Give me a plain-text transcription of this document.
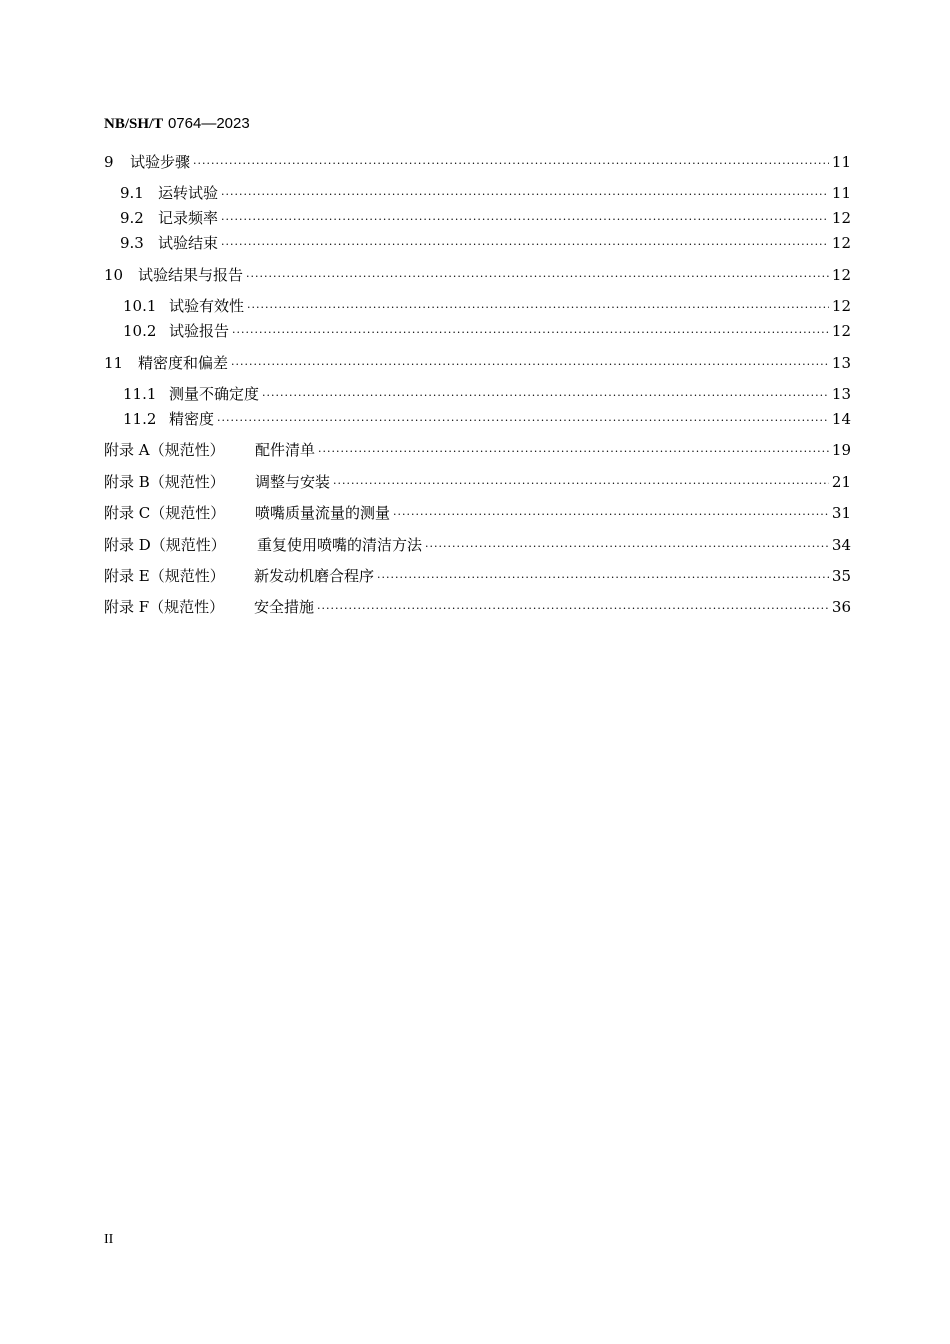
NB/SH/T 0764—2023
9	试验步骤 ·····	11
9.1 运转试验 ·····	11
9.2 记录频率 ·····	12
9.3 试验结束 ·····	12
10 试验结果与报告 ·····	12
10.1 试验有效性 ·····	12
10.2 试验报告 ·····	12
11 精密度和偏差 ·····	13
11.1 测量不确定度 ·····	13
11.2 精密度 ·····	14
附录 A（规范性）	配件清单 ·····	19
附录 B（规范性）	调整与安装 ·····	21
附录 C（规范性）	喷嘴质量流量的测量 ·····	31
附录 D（规范性）	重复使用喷嘴的清洁方法 ·····	34
附录 E（规范性）	新发动机磨合程序 ·····	35
附录 F（规范性）	安全措施 ·····	36
II
